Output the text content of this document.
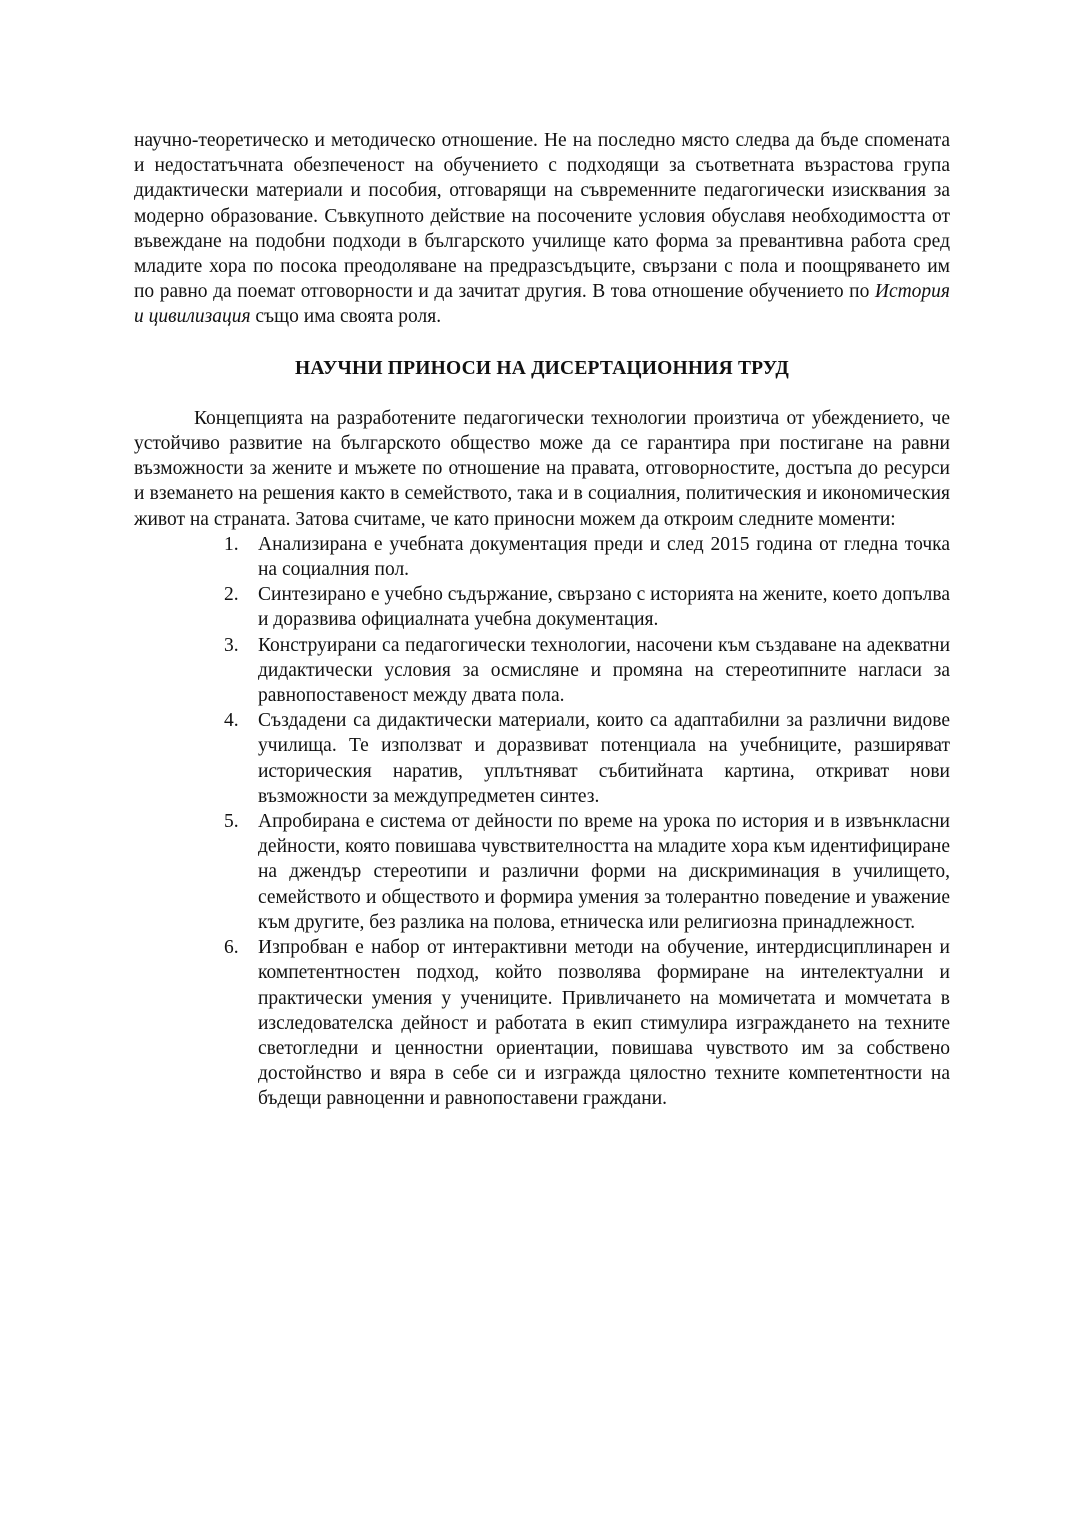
научно-теоретическо и методическо отношение. Не на последно място следва да бъде спомената и недостатъчната обезпеченост на обучението с подходящи за съответната възрастова група дидактически материали и пособия, отговарящи на съвременните педагогически изисквания за модерно образование. Съвкупното действие на посочените условия обуславя необходимостта от въвеждане на подобни подходи в българското училище като форма за превантивна работа сред младите хора по посока преодоляване на предразсъдъците, свързани с пола и поощряването им по равно да поемат отговорности и да зачитат другия. В това отношение обучението по История и цивилизация също има своята роля.

НАУЧНИ ПРИНОСИ НА ДИСЕРТАЦИОННИЯ ТРУД

Концепцията на разработените педагогически технологии произтича от убеждението, че устойчиво развитие на българското общество може да се гарантира при постигане на равни възможности за жените и мъжете по отношение на правата, отговорностите, достъпа до ресурси и вземането на решения както в семейството, така и в социалния, политическия и икономическия живот на страната. Затова считаме, че като приносни можем да откроим следните моменти:

1. Анализирана е учебната документация преди и след 2015 година от гледна точка на социалния пол.
2. Синтезирано е учебно съдържание, свързано с историята на жените, което допълва и доразвива официалната учебна документация.
3. Конструирани са педагогически технологии, насочени към създаване на адекватни дидактически условия за осмисляне и промяна на стереотипните нагласи за равнопоставеност между двата пола.
4. Създадени са дидактически материали, които са адаптабилни за различни видове училища. Те използват и доразвиват потенциала на учебниците, разширяват историческия наратив, уплътняват събитийната картина, откриват нови възможности за междупредметен синтез.
5. Апробирана е система от дейности по време на урока по история и в извънкласни дейности, която повишава чувствителността на младите хора към идентифициране на джендър стереотипи и различни форми на дискриминация в училището, семейството и обществото и формира умения за толерантно поведение и уважение към другите, без разлика на полова, етническа или религиозна принадлежност.
6. Изпробван е набор от интерактивни методи на обучение, интердисциплинарен и компетентностен подход, който позволява формиране на интелектуални и практически умения у учениците. Привличането на момичетата и момчетата в изследователска дейност и работата в екип стимулира изграждането на техните светогледни и ценностни ориентации, повишава чувството им за собствено достойнство и вяра в себе си и изгражда цялостно техните компетентности на бъдещи равноценни и равнопоставени граждани.
